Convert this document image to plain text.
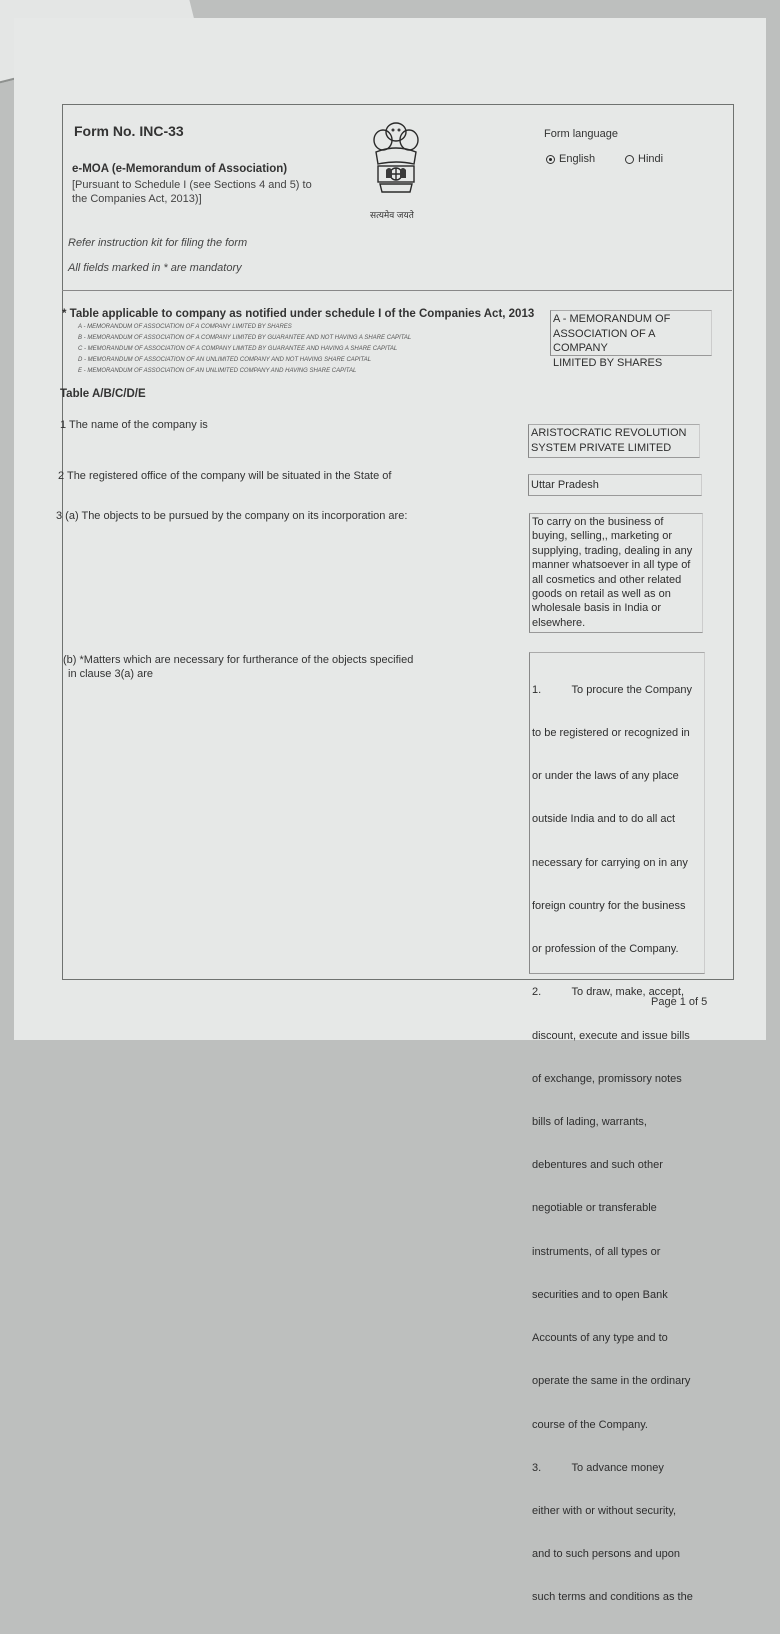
Form No. INC-33
e-MOA (e-Memorandum of Association)
[Pursuant to Schedule I (see Sections 4 and 5) to
the Companies Act, 2013)]
सत्यमेव जयते
Form language
English	Hindi
Refer instruction kit for filing the form
All fields marked in * are mandatory
* Table applicable to company as notified under schedule I of the Companies Act, 2013
A - MEMORANDUM OF ASSOCIATION OF A COMPANY LIMITED BY SHARES
B - MEMORANDUM OF ASSOCIATION OF A COMPANY LIMITED BY GUARANTEE AND NOT HAVING A SHARE CAPITAL
C - MEMORANDUM OF ASSOCIATION OF A COMPANY LIMITED BY GUARANTEE AND HAVING A SHARE CAPITAL
D - MEMORANDUM OF ASSOCIATION OF AN UNLIMITED COMPANY AND NOT HAVING SHARE CAPITAL
E - MEMORANDUM OF ASSOCIATION OF AN UNLIMITED COMPANY AND HAVING SHARE CAPITAL
A - MEMORANDUM OF
ASSOCIATION OF A COMPANY
LIMITED BY SHARES
Table A/B/C/D/E
1 The name of the company is
ARISTOCRATIC REVOLUTION
SYSTEM PRIVATE LIMITED
2 The registered office of the company will be situated in the State of
Uttar Pradesh
3 (a) The objects to be pursued by the company on its incorporation are:	To carry on the business of
buying, selling,, marketing or
supplying, trading, dealing in any
manner whatsoever in all type of
all cosmetics and other related
goods on retail as well as on
wholesale basis in India or
elsewhere.
(b) *Matters which are necessary for furtherance of the objects specified
in clause 3(a) are

1.          To procure the Company

to be registered or recognized in

or under the laws of any place

outside India and to do all act

necessary for carrying on in any

foreign country for the business

or profession of the Company.

2.          To draw, make, accept,

discount, execute and issue bills

of exchange, promissory notes

bills of lading, warrants,

debentures and such other

negotiable or transferable

instruments, of all types or

securities and to open Bank

Accounts of any type and to

operate the same in the ordinary

course of the Company.

3.          To advance money

either with or without security,

and to such persons and upon

such terms and conditions as the

Page 1 of 5
